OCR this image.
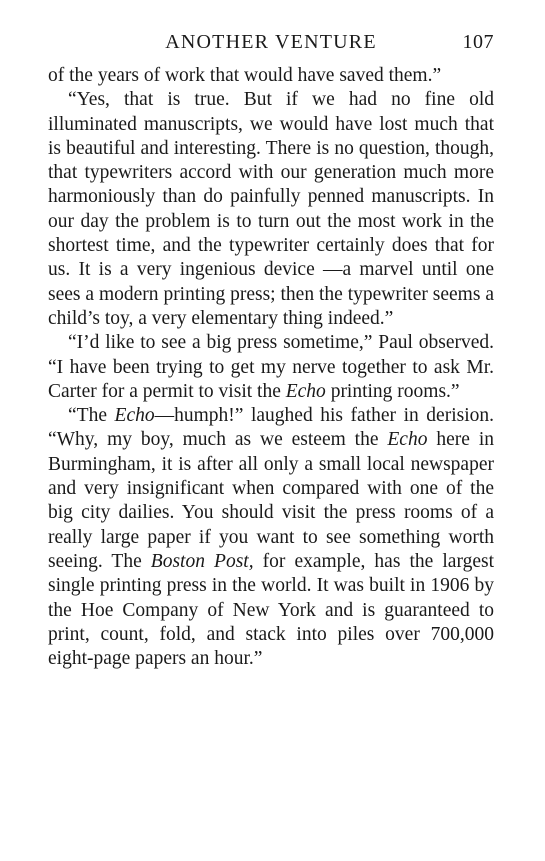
ANOTHER VENTURE	107

of the years of work that would have saved them.”

“Yes, that is true. But if we had no fine old illuminated manuscripts, we would have lost much that is beautiful and interesting. There is no question, though, that typewriters accord with our generation much more harmoniously than do painfully penned manuscripts. In our day the problem is to turn out the most work in the shortest time, and the typewriter certainly does that for us. It is a very ingenious device —a marvel until one sees a modern printing press; then the typewriter seems a child’s toy, a very elementary thing indeed.”

“I’d like to see a big press sometime,” Paul observed. “I have been trying to get my nerve together to ask Mr. Carter for a permit to visit the Echo printing rooms.”

“The Echo—humph!” laughed his father in derision. “Why, my boy, much as we esteem the Echo here in Burmingham, it is after all only a small local newspaper and very insignificant when compared with one of the big city dailies. You should visit the press rooms of a really large paper if you want to see something worth seeing. The Boston Post, for example, has the largest single printing press in the world. It was built in 1906 by the Hoe Company of New York and is guaranteed to print, count, fold, and stack into piles over 700,000 eight-page papers an hour.”
